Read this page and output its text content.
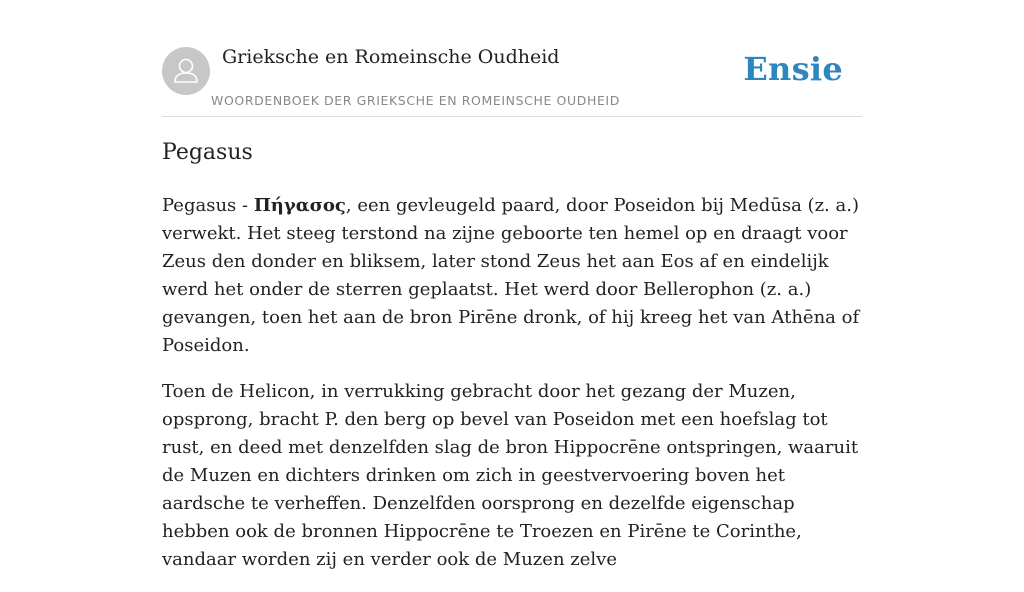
Grieksche en Romeinsche Oudheid
WOORDENBOEK DER GRIEKSCHE EN ROMEINSCHE OUDHEID
Ensie
Pegasus

Pegasus - Πήγασος, een gevleugeld paard, door Poseidon bij Medūsa (z. a.) verwekt. Het steeg terstond na zijne geboorte ten hemel op en draagt voor Zeus den donder en bliksem, later stond Zeus het aan Eos af en eindelijk werd het onder de sterren geplaatst. Het werd door Bellerophon (z. a.) gevangen, toen het aan de bron Pirēne dronk, of hij kreeg het van Athēna of Poseidon.

Toen de Helicon, in verrukking gebracht door het gezang der Muzen, opsprong, bracht P. den berg op bevel van Poseidon met een hoefslag tot rust, en deed met denzelfden slag de bron Hippocrēne ontspringen, waaruit de Muzen en dichters drinken om zich in geestvervoering boven het aardsche te verheffen. Denzelfden oorsprong en dezelfde eigenschap hebben ook de bronnen Hippocrēne te Troezen en Pirēne te Corinthe, vandaar worden zij en verder ook de Muzen zelve
